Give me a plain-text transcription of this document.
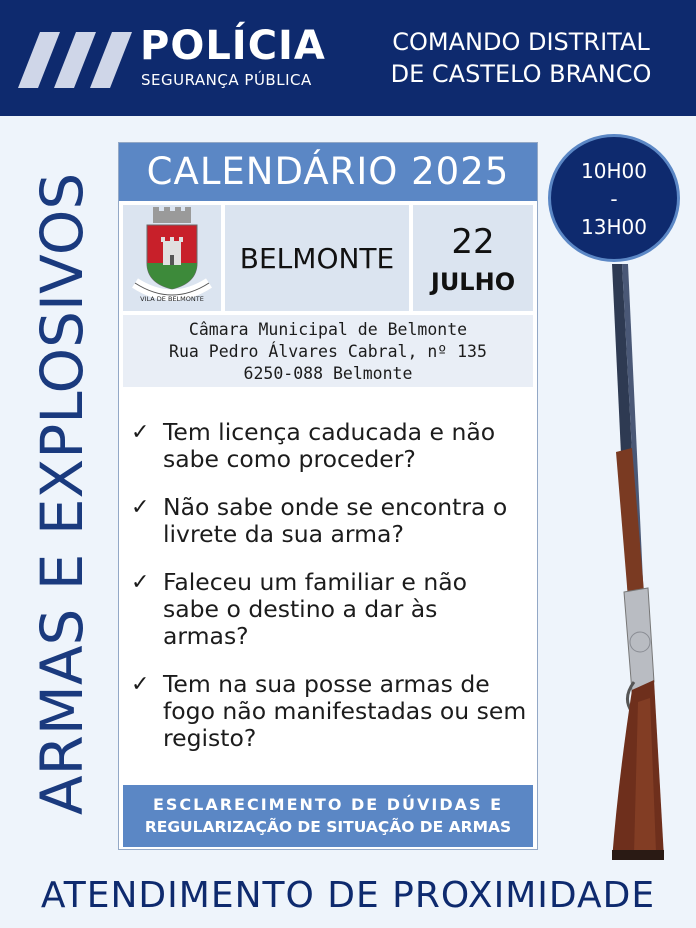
POLÍCIA
SEGURANÇA PÚBLICA
COMANDO DISTRITAL
DE CASTELO BRANCO
ARMAS E EXPLOSIVOS
CALENDÁRIO 2025
VILA DE BELMONTE
BELMONTE	22
JULHO
Câmara Municipal de Belmonte
Rua Pedro Álvares Cabral, nº 135
6250-088 Belmonte
✓ Tem licença caducada e não sabe como proceder?
✓ Não sabe onde se encontra o livrete da sua arma?
✓ Faleceu um familiar e não sabe o destino a dar às armas?
✓ Tem na sua posse armas de fogo não manifestadas ou sem registo?
ESCLARECIMENTO DE DÚVIDAS E
REGULARIZAÇÃO DE SITUAÇÃO DE ARMAS
10H00
-
13H00
ATENDIMENTO DE PROXIMIDADE
